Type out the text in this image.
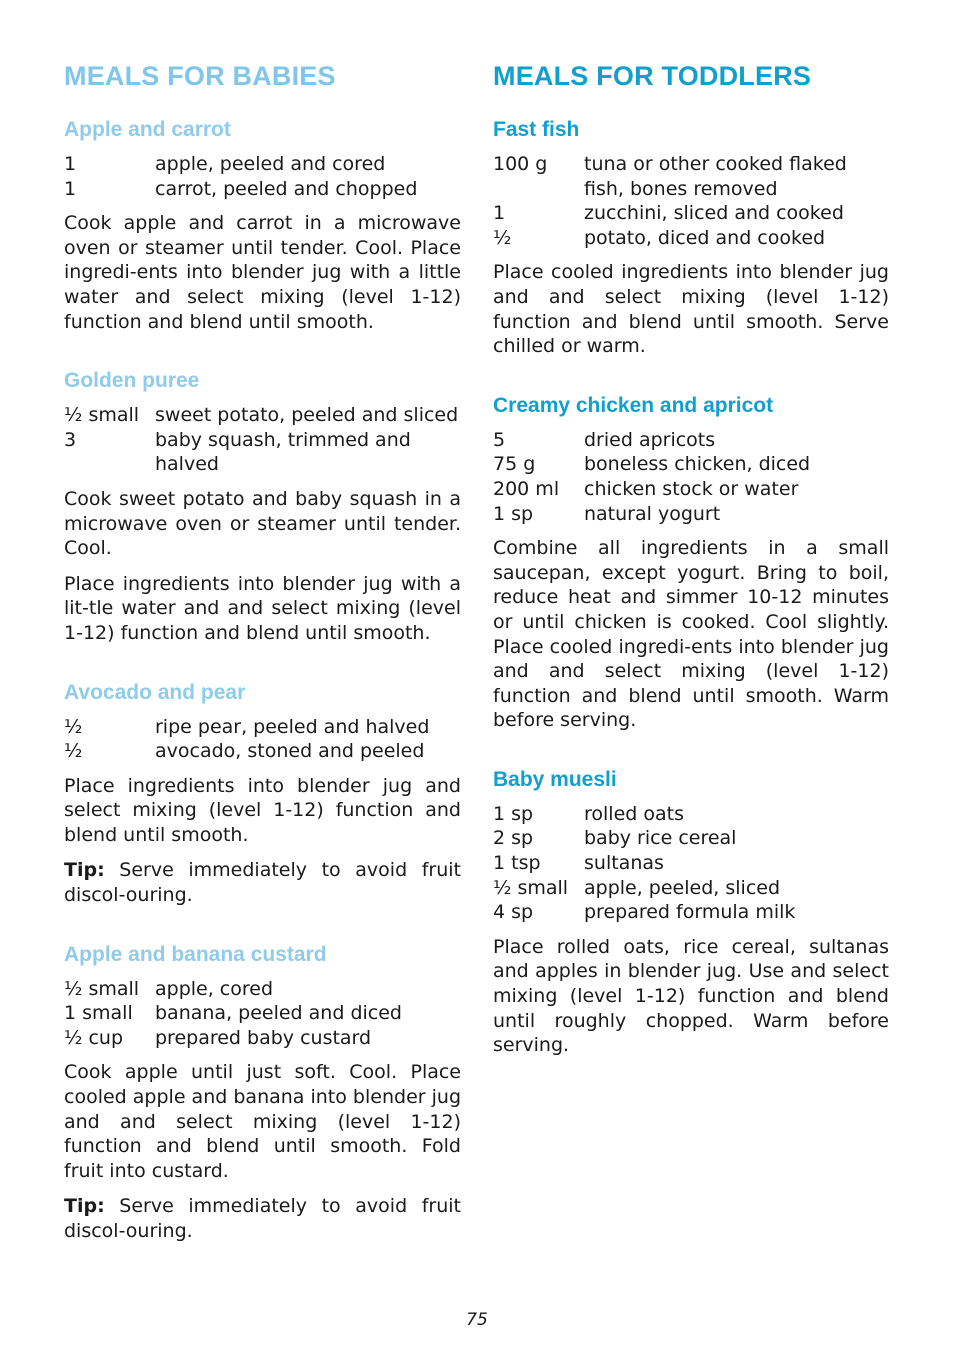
MEALS FOR BABIES
Apple and carrot
1	apple, peeled and cored
1	carrot, peeled and chopped

Cook apple and carrot in a microwave oven or steamer until tender. Cool. Place ingredi-ents into blender jug with a little water and select mixing (level 1-12) function and blend until smooth.

Golden puree
½ small sweet potato, peeled and sliced
3	baby squash, trimmed and halved

Cook sweet potato and baby squash in a microwave oven or steamer until tender. Cool.

Place ingredients into blender jug with a lit-tle water and and select mixing (level 1-12) function and blend until smooth.

Avocado and pear
½	ripe pear, peeled and halved
½	avocado, stoned and peeled

Place ingredients into blender jug and select mixing (level 1-12) function and blend until smooth.

Tip: Serve immediately to avoid fruit discol-ouring.

Apple and banana custard
½ small apple, cored
1 small	banana, peeled and diced
½ cup	prepared baby custard

Cook apple until just soft. Cool. Place cooled apple and banana into blender jug and and select mixing (level 1-12) function and blend until smooth. Fold fruit into custard.

Tip: Serve immediately to avoid fruit discol-ouring.

MEALS FOR TODDLERS
Fast fish
100 g	tuna or other cooked flaked fish, bones removed
1	zucchini, sliced and cooked
½	potato, diced and cooked

Place cooled ingredients into blender jug and and select mixing (level 1-12) function and blend until smooth. Serve chilled or warm.

Creamy chicken and apricot
5	dried apricots
75 g	boneless chicken, diced
200 ml	chicken stock or water
1 sp	natural yogurt

Combine all ingredients in a small saucepan, except yogurt. Bring to boil, reduce heat and simmer 10-12 minutes or until chicken is cooked. Cool slightly. Place cooled ingredi-ents into blender jug and and select mixing (level 1-12) function and blend until smooth. Warm before serving.

Baby muesli
1 sp	rolled oats
2 sp	baby rice cereal
1 tsp	sultanas
½ small apple, peeled, sliced
4 sp	prepared formula milk

Place rolled oats, rice cereal, sultanas and apples in blender jug. Use and select mixing (level 1-12) function and blend until roughly chopped. Warm before serving.

75
